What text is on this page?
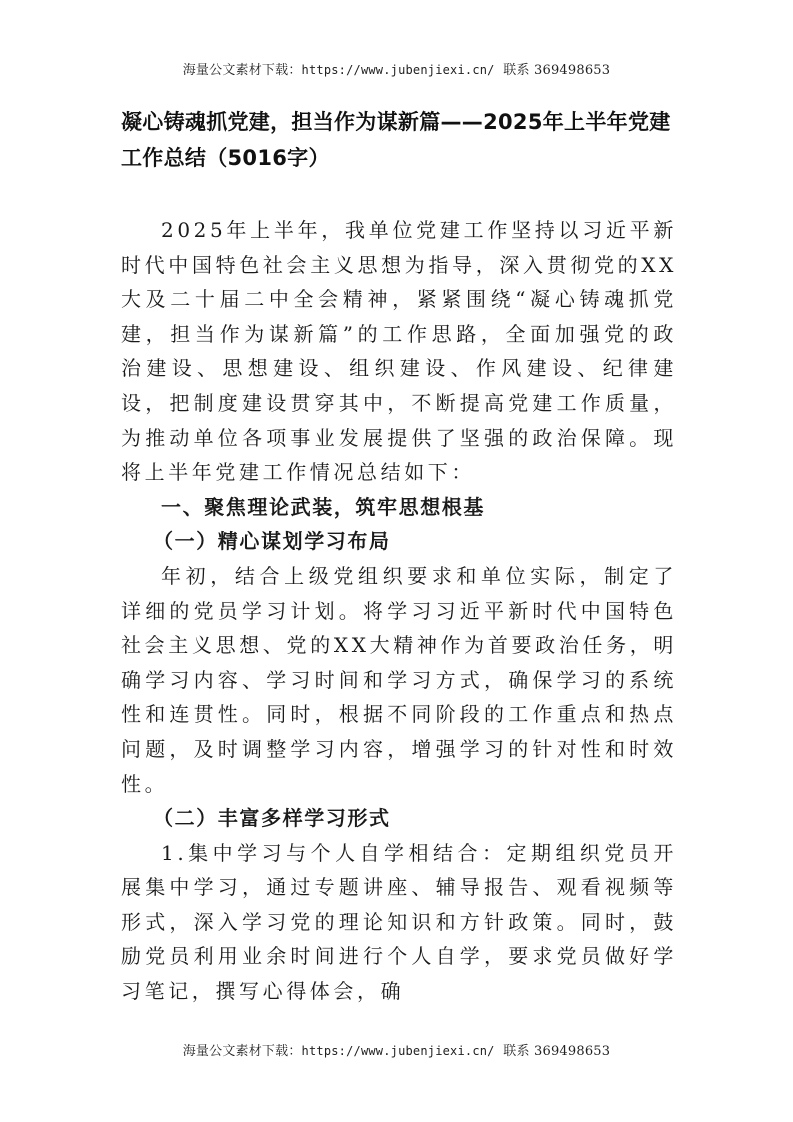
海量公文素材下载：https://www.jubenjiexi.cn/ 联系 369498653
凝心铸魂抓党建，担当作为谋新篇——2025年上半年党建工作总结（5016字）

2025年上半年，我单位党建工作坚持以习近平新时代中国特色社会主义思想为指导，深入贯彻党的XX大及二十届二中全会精神，紧紧围绕“凝心铸魂抓党建，担当作为谋新篇”的工作思路，全面加强党的政治建设、思想建设、组织建设、作风建设、纪律建设，把制度建设贯穿其中，不断提高党建工作质量，为推动单位各项事业发展提供了坚强的政治保障。现将上半年党建工作情况总结如下：

一、聚焦理论武装，筑牢思想根基

（一）精心谋划学习布局

年初，结合上级党组织要求和单位实际，制定了详细的党员学习计划。将学习习近平新时代中国特色社会主义思想、党的XX大精神作为首要政治任务，明确学习内容、学习时间和学习方式，确保学习的系统性和连贯性。同时，根据不同阶段的工作重点和热点问题，及时调整学习内容，增强学习的针对性和时效性。

（二）丰富多样学习形式

1.集中学习与个人自学相结合：定期组织党员开展集中学习，通过专题讲座、辅导报告、观看视频等形式，深入学习党的理论知识和方针政策。同时，鼓励党员利用业余时间进行个人自学，要求党员做好学习笔记，撰写心得体会，确

海量公文素材下载：https://www.jubenjiexi.cn/ 联系 369498653
